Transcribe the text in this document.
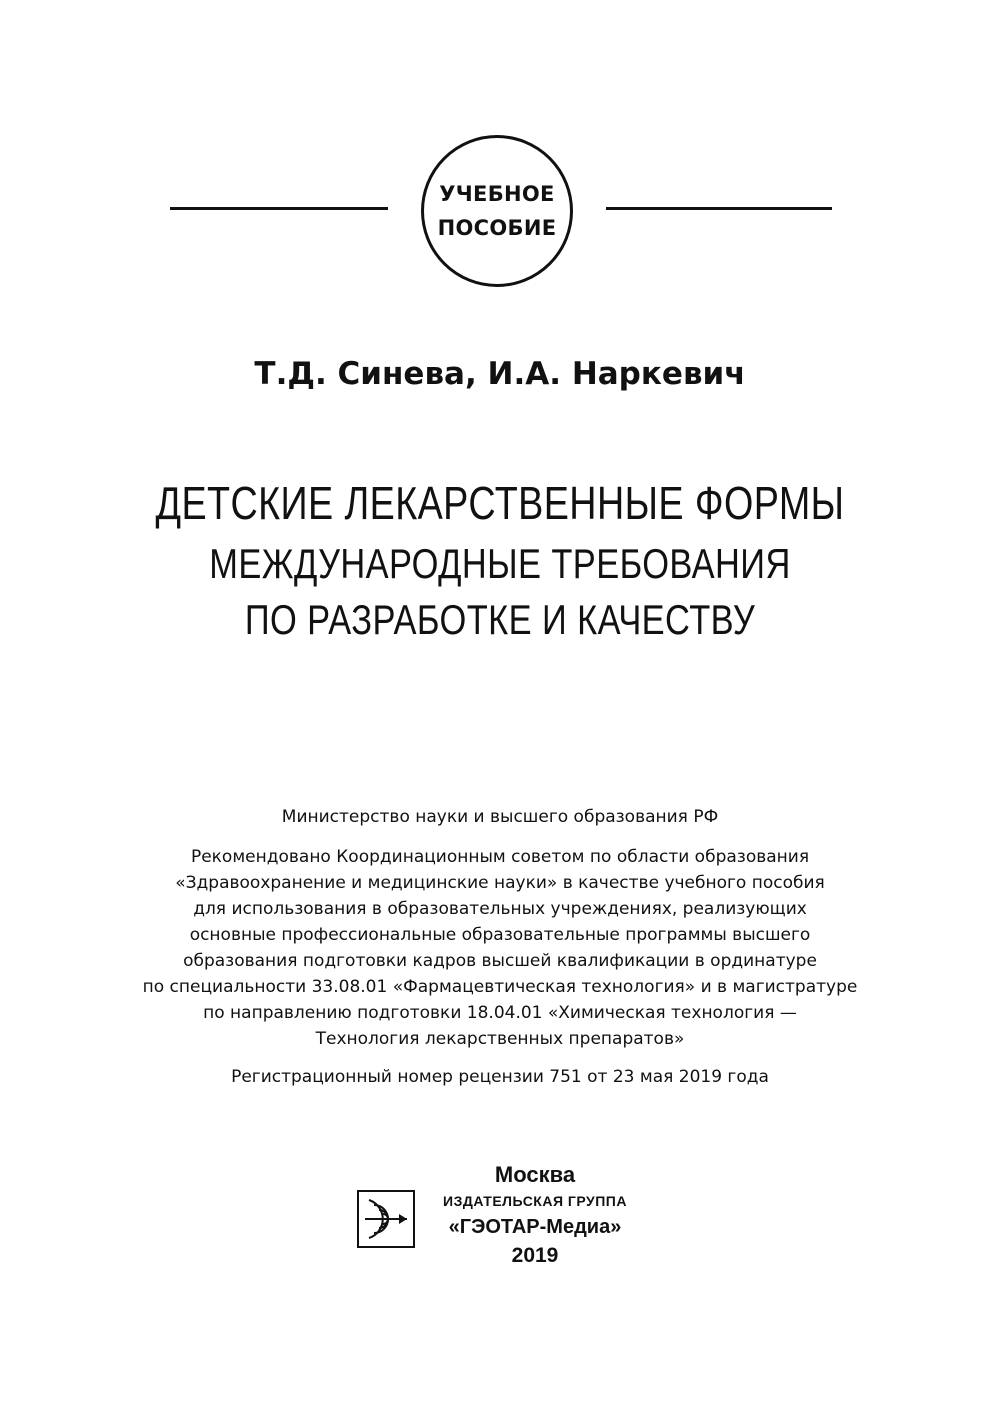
УЧЕБНОЕ
ПОСОБИЕ
Т.Д. Синева, И.А. Наркевич
ДЕТСКИЕ ЛЕКАРСТВЕННЫЕ ФОРМЫ
МЕЖДУНАРОДНЫЕ ТРЕБОВАНИЯ
ПО РАЗРАБОТКЕ И КАЧЕСТВУ
Министерство науки и высшего образования РФ
Рекомендовано Координационным советом по области образования
«Здравоохранение и медицинские науки» в качестве учебного пособия
для использования в образовательных учреждениях, реализующих
основные профессиональные образовательные программы высшего
образования подготовки кадров высшей квалификации в ординатуре
по специальности 33.08.01 «Фармацевтическая технология» и в магистратуре
по направлению подготовки 18.04.01 «Химическая технология —
Технология лекарственных препаратов»
Регистрационный номер рецензии 751 от 23 мая 2019 года
Москва
ИЗДАТЕЛЬСКАЯ ГРУППА
«ГЭОТАР-Медиа»
2019
